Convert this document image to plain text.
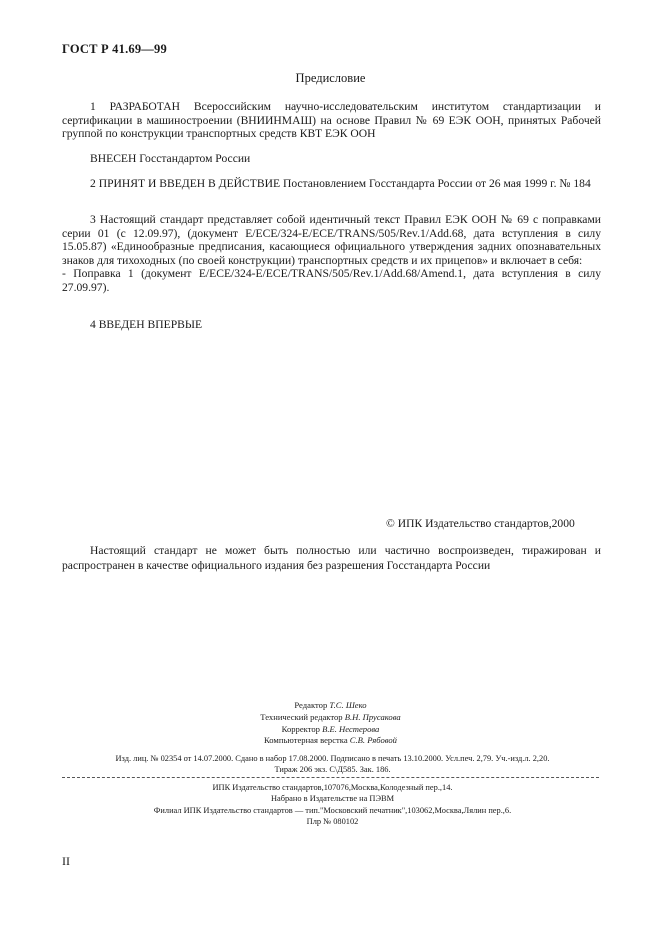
ГОСТ Р 41.69—99
Предисловие

1 РАЗРАБОТАН Всероссийским научно-исследовательским институтом стандартизации и сертификации в машиностроении (ВНИИНМАШ) на основе Правил № 69 ЕЭК ООН, принятых Рабочей группой по конструкции транспортных средств КВТ ЕЭК ООН

ВНЕСЕН Госстандартом России

2 ПРИНЯТ И ВВЕДЕН В ДЕЙСТВИЕ Постановлением Госстандарта России от 26 мая 1999 г. № 184

3 Настоящий стандарт представляет собой идентичный текст Правил ЕЭК ООН № 69 с поправками серии 01 (с 12.09.97), (документ E/ECE/324-E/ECE/TRANS/505/Rev.1/Add.68, дата вступления в силу 15.05.87) «Единообразные предписания, касающиеся официального утверждения задних опознавательных знаков для тихоходных (по своей конструкции) транспортных средств и их прицепов» и включает в себя:

- Поправка 1 (документ E/ECE/324-E/ECE/TRANS/505/Rev.1/Add.68/Amend.1, дата вступления в силу 27.09.97).

4 ВВЕДЕН ВПЕРВЫЕ

© ИПК Издательство стандартов,2000

Настоящий стандарт не может быть полностью или частично воспроизведен, тиражирован и распространен в качестве официального издания без разрешения Госстандарта России

Редактор Т.С. Шеко
Технический редактор В.Н. Прусакова
Корректор В.Е. Нестерова
Компьютерная верстка С.В. Рябовой
Изд. лиц. № 02354 от 14.07.2000. Сдано в набор 17.08.2000. Подписано в печать 13.10.2000. Усл.печ. 2,79. Уч.-изд.л. 2,20.
Тираж 206 экз. С\Д585. Зак. 186.
ИПК Издательство стандартов,107076,Москва,Колодезный пер.,14.
Набрано в Издательстве на ПЭВМ
Филиал ИПК Издательство стандартов — тип."Московский печатник",103062,Москва,Лялин пер.,6.
Плр № 080102
II
